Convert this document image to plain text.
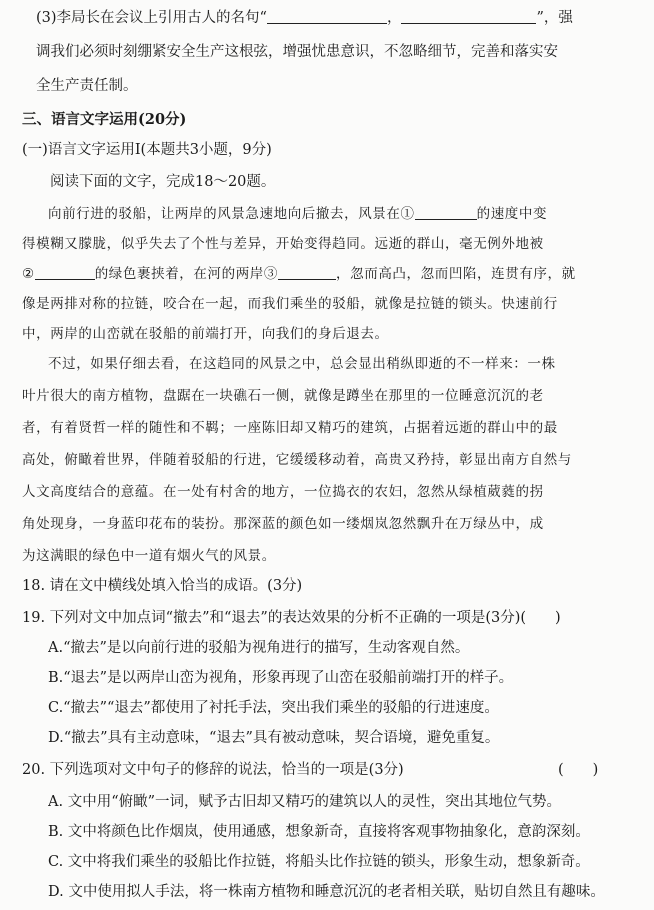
(3)李局长在会议上引用古人的名句“	，	”，强
调我们必须时刻绷紧安全生产这根弦，增强忧患意识，不忽略细节，完善和落实安
全生产责任制。
三、语言文字运用(20分)
(一)语言文字运用Ⅰ(本题共3小题，9分)
阅读下面的文字，完成18～20题。
向前行进的驳船，让两岸的风景急速地向后撤去，风景在①	的速度中变
得模糊又朦胧，似乎失去了个性与差异，开始变得趋同。远逝的群山，毫无例外地被
②	的绿色裹挟着，在河的两岸③	，忽而高凸，忽而凹陷，连贯有序，就
像是两排对称的拉链，咬合在一起，而我们乘坐的驳船，就像是拉链的锁头。快速前行
中，两岸的山峦就在驳船的前端打开，向我们的身后退去。
不过，如果仔细去看，在这趋同的风景之中，总会显出稍纵即逝的不一样来：一株
叶片很大的南方植物，盘踞在一块礁石一侧，就像是蹲坐在那里的一位睡意沉沉的老
者，有着贤哲一样的随性和不羁；一座陈旧却又精巧的建筑，占据着远逝的群山中的最
高处，俯瞰着世界，伴随着驳船的行进，它缓缓移动着，高贵又矜持，彰显出南方自然与
人文高度结合的意蕴。在一处有村舍的地方，一位捣衣的农妇，忽然从绿植葳蕤的拐
角处现身，一身蓝印花布的装扮。那深蓝的颜色如一缕烟岚忽然飘升在万绿丛中，成
为这满眼的绿色中一道有烟火气的风景。
18. 请在文中横线处填入恰当的成语。(3分)
19. 下列对文中加点词“撤去”和“退去”的表达效果的分析不正确的一项是(3分)(　　)
A.“撤去”是以向前行进的驳船为视角进行的描写，生动客观自然。
B.“退去”是以两岸山峦为视角，形象再现了山峦在驳船前端打开的样子。
C.“撤去”“退去”都使用了衬托手法，突出我们乘坐的驳船的行进速度。
D.“撤去”具有主动意味，“退去”具有被动意味，契合语境，避免重复。
20. 下列选项对文中句子的修辞的说法，恰当的一项是(3分)	(　　)
A. 文中用“俯瞰”一词，赋予古旧却又精巧的建筑以人的灵性，突出其地位气势。
B. 文中将颜色比作烟岚，使用通感，想象新奇，直接将客观事物抽象化，意韵深刻。
C. 文中将我们乘坐的驳船比作拉链，将船头比作拉链的锁头，形象生动，想象新奇。
D. 文中使用拟人手法，将一株南方植物和睡意沉沉的老者相关联，贴切自然且有趣味。
